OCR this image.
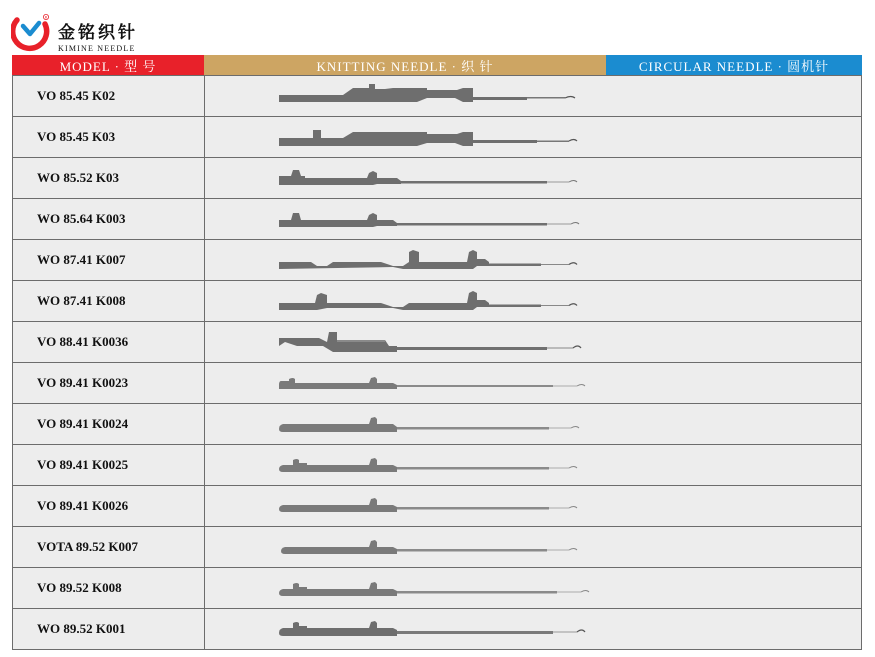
R
金铭织针
KIMINE NEEDLE
MODEL · 型 号	KNITTING NEEDLE · 织 针	CIRCULAR NEEDLE · 圆机针
VO 85.45 K02
VO 85.45 K03
WO 85.52 K03
WO 85.64 K003
WO 87.41 K007
WO 87.41 K008
VO 88.41 K0036
VO 89.41 K0023
VO 89.41 K0024
VO 89.41 K0025
VO 89.41 K0026
VOTA 89.52 K007
VO 89.52 K008
WO 89.52 K001
